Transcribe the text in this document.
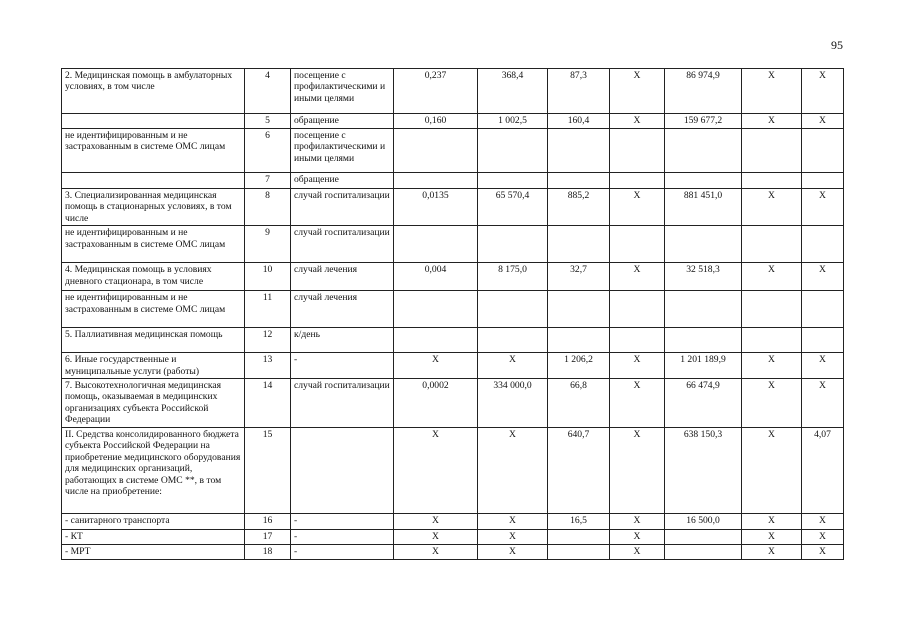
95
2. Медицинская помощь в амбулаторных условиях, в том числе	4	посещение с профилактическими и иными целями	0,237	368,4	87,3	X	86 974,9	X	X
	5	обращение	0,160	1 002,5	160,4	X	159 677,2	X	X
не идентифицированным и не застрахованным в системе ОМС лицам	6	посещение с профилактическими и иными целями							
	7	обращение							
3. Специализированная медицинская помощь в стационарных условиях, в том числе	8	случай госпитализации	0,0135	65 570,4	885,2	X	881 451,0	X	X
не идентифицированным и не застрахованным в системе ОМС лицам	9	случай госпитализации							
4. Медицинская помощь в условиях дневного стационара, в том числе	10	случай лечения	0,004	8 175,0	32,7	X	32 518,3	X	X
не идентифицированным и не застрахованным в системе ОМС лицам	11	случай лечения							
5. Паллиативная медицинская помощь	12	к/день							
6. Иные государственные и муниципальные услуги (работы)	13	-	X	X	1 206,2	X	1 201 189,9	X	X
7. Высокотехнологичная медицинская помощь, оказываемая в медицинских организациях субъекта Российской Федерации	14	случай госпитализации	0,0002	334 000,0	66,8	X	66 474,9	X	X
II. Средства консолидированного бюджета субъекта Российской Федерации на приобретение медицинского оборудования для медицинских организаций, работающих в системе ОМС **, в том числе на приобретение:	15		X	X	640,7	X	638 150,3	X	4,07
- санитарного транспорта	16	-	X	X	16,5	X	16 500,0	X	X
- КТ	17	-	X	X		X		X	X
- МРТ	18	-	X	X		X		X	X
